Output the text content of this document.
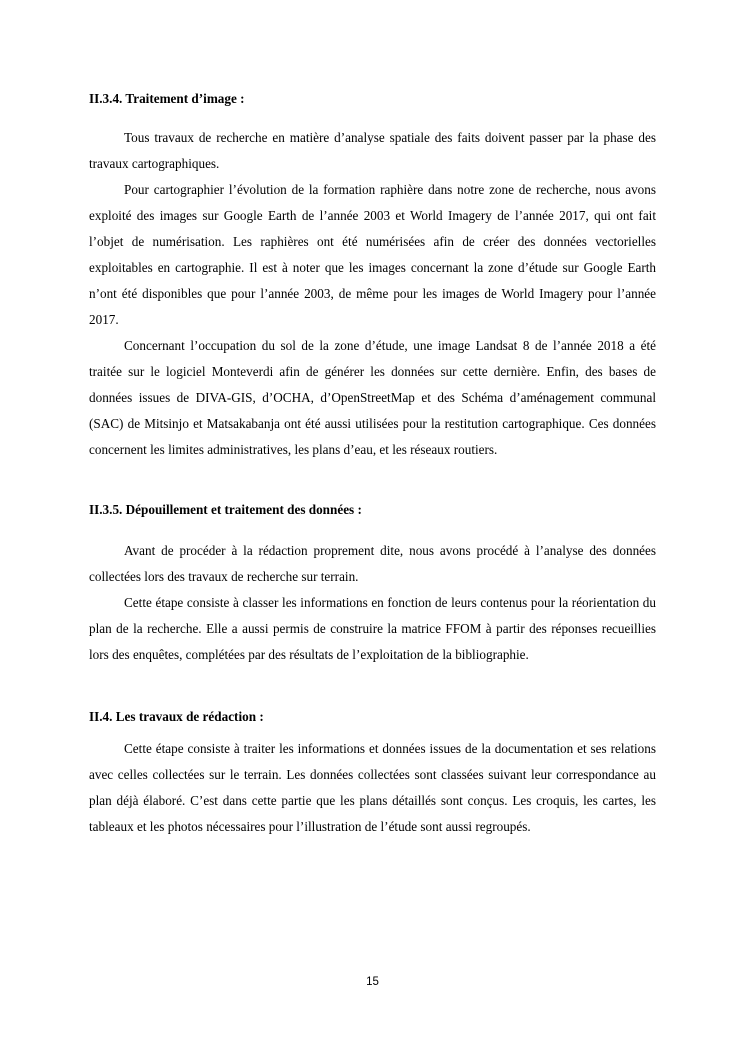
II.3.4. Traitement d’image :

Tous travaux de recherche en matière d’analyse spatiale des faits doivent passer par la phase des travaux cartographiques.

Pour cartographier l’évolution de la formation raphière dans notre zone de recherche, nous avons exploité des images sur Google Earth de l’année 2003 et World Imagery de l’année 2017, qui ont fait l’objet de numérisation. Les raphières ont été numérisées afin de créer des données vectorielles exploitables en cartographie. Il est à noter que les images concernant la zone d’étude sur Google Earth n’ont été disponibles que pour l’année 2003, de même pour les images de World Imagery pour l’année 2017.

Concernant l’occupation du sol de la zone d’étude, une image Landsat 8 de l’année 2018 a été traitée sur le logiciel Monteverdi afin de générer les données sur cette dernière. Enfin, des bases de données issues de DIVA-GIS, d’OCHA, d’OpenStreetMap et des Schéma d’aménagement communal (SAC) de Mitsinjo et Matsakabanja ont été aussi utilisées pour la restitution cartographique. Ces données concernent les limites administratives, les plans d’eau, et les réseaux routiers.

II.3.5. Dépouillement et traitement des données :

Avant de procéder à la rédaction proprement dite, nous avons procédé à l’analyse des données collectées lors des travaux de recherche sur terrain.

Cette étape consiste à classer les informations en fonction de leurs contenus pour la réorientation du plan de la recherche. Elle a aussi permis de construire la matrice FFOM à partir des réponses recueillies lors des enquêtes, complétées par des résultats de l’exploitation de la bibliographie.

II.4. Les travaux de rédaction :

Cette étape consiste à traiter les informations et données issues de la documentation et ses relations avec celles collectées sur le terrain. Les données collectées sont classées suivant leur correspondance au plan déjà élaboré. C’est dans cette partie que les plans détaillés sont conçus. Les croquis, les cartes, les tableaux et les photos nécessaires pour l’illustration de l’étude sont aussi regroupés.

15
